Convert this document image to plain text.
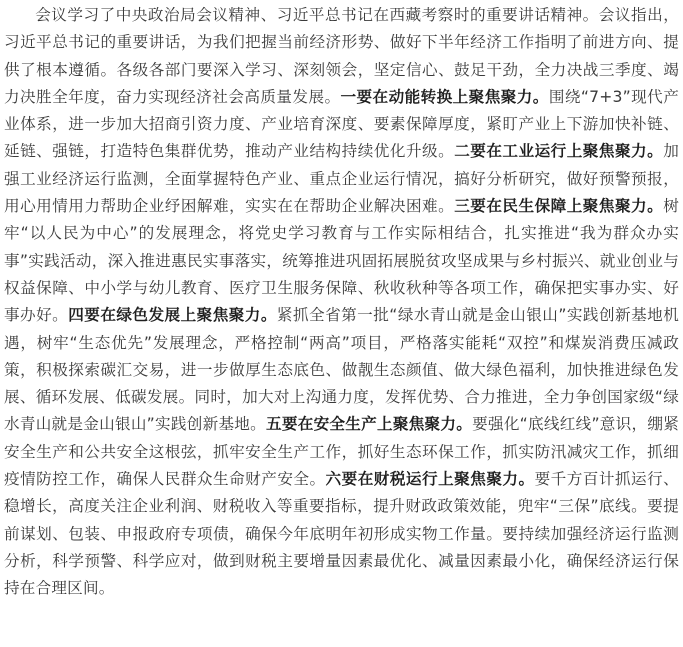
会议学习了中央政治局会议精神、习近平总书记在西藏考察时的重要讲话精神。会议指出，习近平总书记的重要讲话，为我们把握当前经济形势、做好下半年经济工作指明了前进方向、提供了根本遵循。各级各部门要深入学习、深刻领会，坚定信心、鼓足干劲，全力决战三季度、竭力决胜全年度，奋力实现经济社会高质量发展。一要在动能转换上聚焦聚力。围绕“7+3”现代产业体系，进一步加大招商引资力度、产业培育深度、要素保障厚度，紧盯产业上下游加快补链、延链、强链，打造特色集群优势，推动产业结构持续优化升级。二要在工业运行上聚焦聚力。加强工业经济运行监测，全面掌握特色产业、重点企业运行情况，搞好分析研究，做好预警预报，用心用情用力帮助企业纾困解难，实实在在帮助企业解决困难。三要在民生保障上聚焦聚力。树牢“以人民为中心”的发展理念，将党史学习教育与工作实际相结合，扎实推进“我为群众办实事”实践活动，深入推进惠民实事落实，统筹推进巩固拓展脱贫攻坚成果与乡村振兴、就业创业与权益保障、中小学与幼儿教育、医疗卫生服务保障、秋收秋种等各项工作，确保把实事办实、好事办好。四要在绿色发展上聚焦聚力。紧抓全省第一批“绿水青山就是金山银山”实践创新基地机遇，树牢“生态优先”发展理念，严格控制“两高”项目，严格落实能耗“双控”和煤炭消费压减政策，积极探索碳汇交易，进一步做厚生态底色、做靓生态颜值、做大绿色福利，加快推进绿色发展、循环发展、低碳发展。同时，加大对上沟通力度，发挥优势、合力推进，全力争创国家级“绿水青山就是金山银山”实践创新基地。五要在安全生产上聚焦聚力。要强化“底线红线”意识，绷紧安全生产和公共安全这根弦，抓牢安全生产工作，抓好生态环保工作，抓实防汛减灾工作，抓细疫情防控工作，确保人民群众生命财产安全。六要在财税运行上聚焦聚力。要千方百计抓运行、稳增长，高度关注企业利润、财税收入等重要指标，提升财政政策效能，兜牢“三保”底线。要提前谋划、包装、申报政府专项债，确保今年底明年初形成实物工作量。要持续加强经济运行监测分析，科学预警、科学应对，做到财税主要增量因素最优化、减量因素最小化，确保经济运行保持在合理区间。
